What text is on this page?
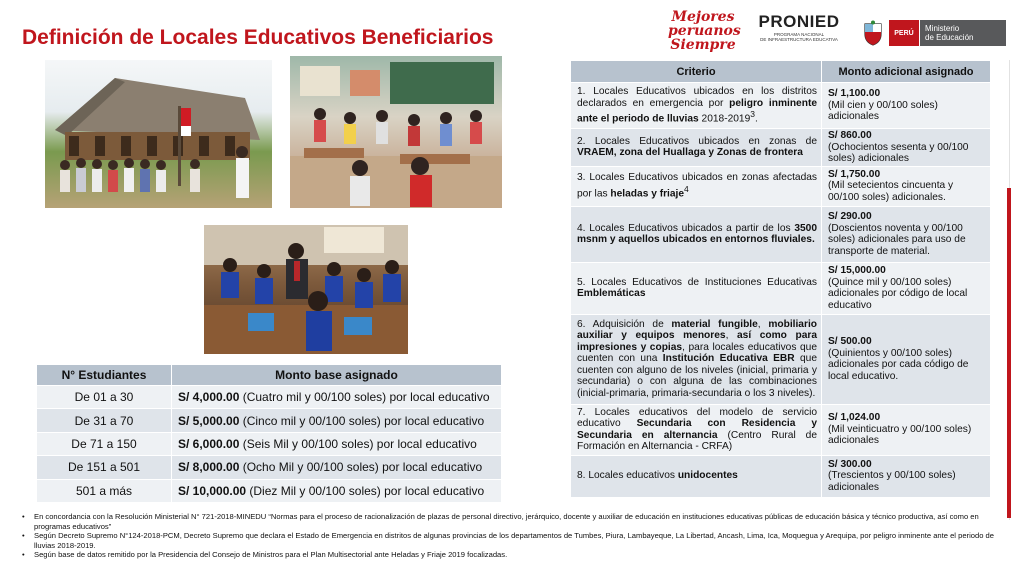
Definición de Locales Educativos Beneficiarios
Mejores
peruanos
Siempre
PRONIED
PROGRAMA NACIONAL
DE INFRAESTRUCTURA EDUCATIVA
PERÚ	Ministerio
de Educación
N° Estudiantes	Monto base asignado
De 01 a 30	S/ 4,000.00 (Cuatro mil y 00/100 soles) por local educativo
De 31 a 70	S/ 5,000.00 (Cinco mil y 00/100 soles) por local educativo
De 71 a 150	S/ 6,000.00 (Seis Mil y 00/100 soles) por local educativo
De 151 a 501	S/ 8,000.00 (Ocho Mil y 00/100 soles) por local educativo
501 a más	S/ 10,000.00 (Diez Mil y 00/100 soles) por local educativo
Criterio	Monto adicional asignado
1. Locales Educativos ubicados en los distritos declarados en emergencia por peligro inminente ante el periodo de lluvias 2018-2019$^3$.	S/ 1,100.00
(Mil cien y 00/100 soles) adicionales
2. Locales Educativos ubicados en zonas de VRAEM, zona del Huallaga y Zonas de frontera	S/ 860.00
(Ochocientos sesenta y 00/100 soles) adicionales
3. Locales Educativos ubicados en zonas afectadas por las heladas y friaje$^4$	S/ 1,750.00
(Mil setecientos cincuenta y 00/100 soles) adicionales.
4. Locales Educativos ubicados a partir de los 3500 msnm y aquellos ubicados en entornos fluviales.	S/ 290.00
(Doscientos noventa y 00/100 soles) adicionales para uso de transporte de material.
5. Locales Educativos de Instituciones Educativas Emblemáticas	S/ 15,000.00
(Quince mil y 00/100 soles) adicionales por código de local educativo
6. Adquisición de material fungible, mobiliario auxiliar y equipos menores, así como para impresiones y copias, para locales educativos que cuenten con una Institución Educativa EBR que cuenten con alguno de los niveles (inicial, primaria y secundaria) o con alguna de las combinaciones (inicial-primaria, primaria-secundaria o los 3 niveles).	S/ 500.00
(Quinientos y 00/100 soles) adicionales por cada código de local educativo.
7. Locales educativos del modelo de servicio educativo Secundaria con Residencia y Secundaria en alternancia (Centro Rural de Formación en Alternancia - CRFA)	S/ 1,024.00
(Mil veinticuatro y 00/100 soles) adicionales
8. Locales educativos unidocentes	S/ 300.00
(Trescientos y 00/100 soles) adicionales
•	En concordancia con la Resolución Ministerial N° 721-2018-MINEDU “Normas para el proceso de racionalización de plazas de personal directivo, jerárquico, docente y auxiliar de educación en instituciones educativas públicas de educación básica y técnico productiva, así como en programas educativos”
•	Según Decreto Supremo N°124-2018-PCM, Decreto Supremo que declara el Estado de Emergencia en distritos de algunas provincias de los departamentos de Tumbes, Piura, Lambayeque, La Libertad, Ancash, Lima, Ica, Moquegua y Arequipa, por peligro inminente ante el periodo de lluvias 2018-2019.
•	Según base de datos remitido por la Presidencia del Consejo de Ministros para el Plan Multisectorial ante Heladas y Friaje 2019 focalizadas.
